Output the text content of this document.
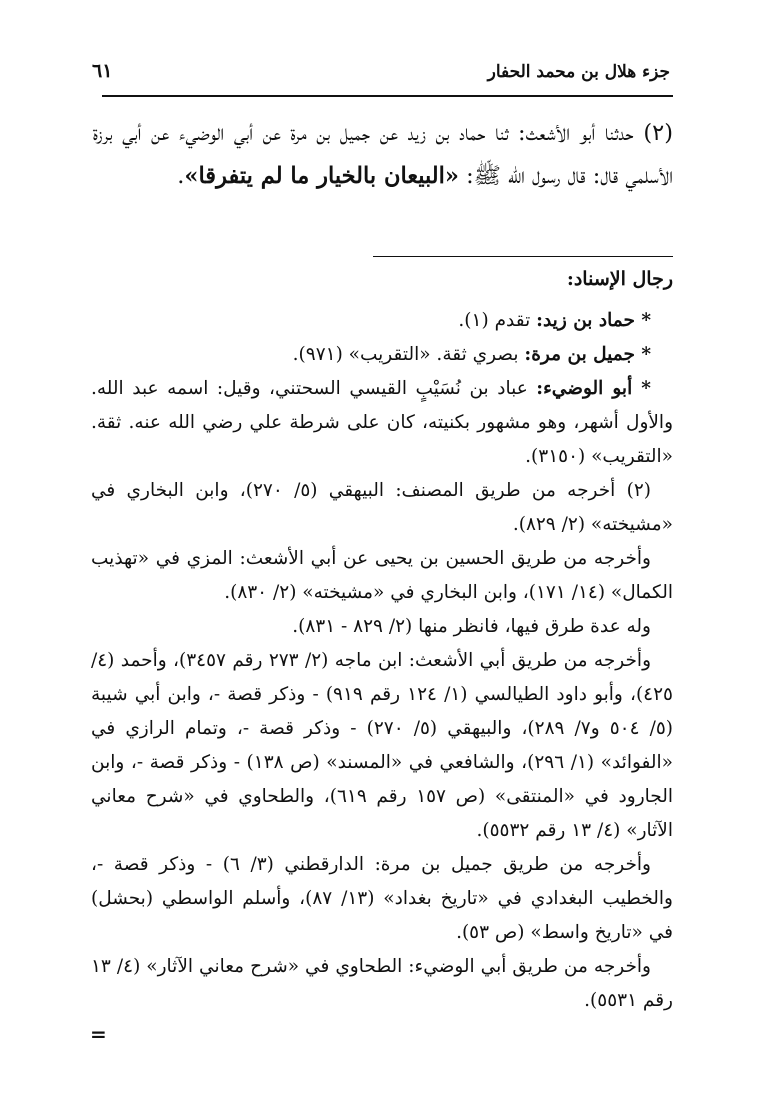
جزء هلال بن محمد الحفار
٦١
(٢) حدثنا أبو الأشعث: ثنا حماد بن زيد عن جميل بن مرة عن أبي الوضيء عن أبي برزة الأسلمي قال: قال رسول الله ﷺ: «البيعان بالخيار ما لم يتفرقا».
رجال الإسناد:

* حماد بن زيد: تقدم (١).

* جميل بن مرة: بصري ثقة. «التقريب» (٩٧١).

* أبو الوضيء: عباد بن نُسَيْبٍ القيسي السحتني، وقيل: اسمه عبد الله. والأول أشهر، وهو مشهور بكنيته، كان على شرطة علي رضي الله عنه. ثقة. «التقريب» (٣١٥٠).

(٢) أخرجه من طريق المصنف: البيهقي (٥/ ٢٧٠)، وابن البخاري في «مشيخته» (٢/ ٨٢٩).

وأخرجه من طريق الحسين بن يحيى عن أبي الأشعث: المزي في «تهذيب الكمال» (١٤/ ١٧١)، وابن البخاري في «مشيخته» (٢/ ٨٣٠).

وله عدة طرق فيها، فانظر منها (٢/ ٨٢٩ - ٨٣١).

وأخرجه من طريق أبي الأشعث: ابن ماجه (٢/ ٢٧٣ رقم ٣٤٥٧)، وأحمد (٤/ ٤٢٥)، وأبو داود الطيالسي (١/ ١٢٤ رقم ٩١٩) - وذكر قصة -، وابن أبي شيبة (٥/ ٥٠٤ و٧/ ٢٨٩)، والبيهقي (٥/ ٢٧٠) - وذكر قصة -، وتمام الرازي في «الفوائد» (١/ ٢٩٦)، والشافعي في «المسند» (ص ١٣٨) - وذكر قصة -، وابن الجارود في «المنتقى» (ص ١٥٧ رقم ٦١٩)، والطحاوي في «شرح معاني الآثار» (٤/ ١٣ رقم ٥٥٣٢).

وأخرجه من طريق جميل بن مرة: الدارقطني (٣/ ٦) - وذكر قصة -، والخطيب البغدادي في «تاريخ بغداد» (١٣/ ٨٧)، وأسلم الواسطي (بحشل) في «تاريخ واسط» (ص ٥٣).

وأخرجه من طريق أبي الوضيء: الطحاوي في «شرح معاني الآثار» (٤/ ١٣ رقم ٥٥٣١).

=
